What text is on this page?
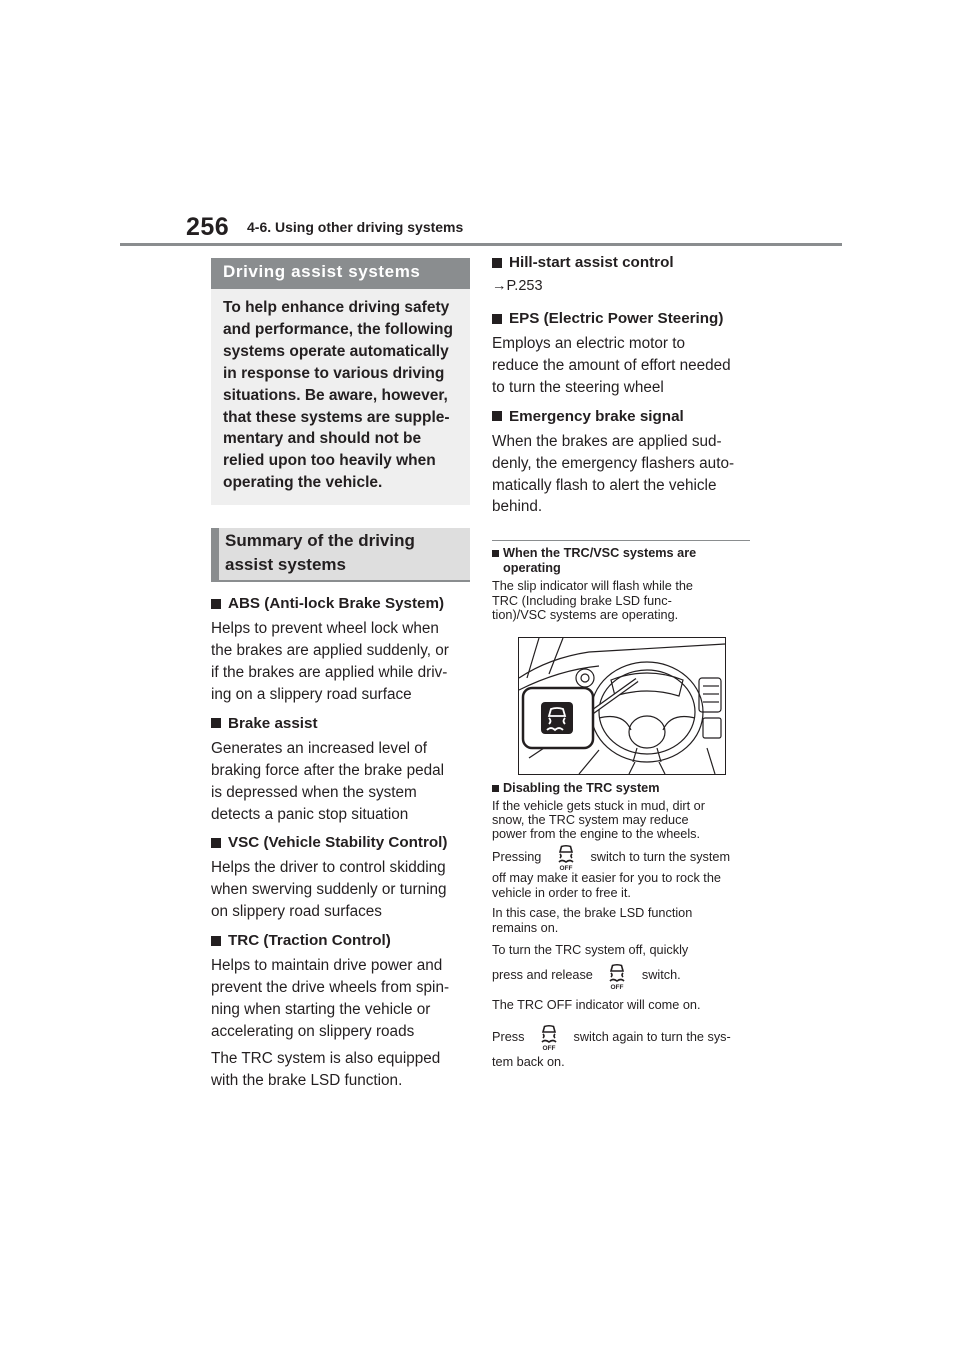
256 4-6. Using other driving systems
Driving assist systems

To help enhance driving safety

and performance, the following

systems operate automatically

in response to various driving

situations. Be aware, however,

that these systems are supple-

mentary and should not be

relied upon too heavily when

operating the vehicle.

Summary of the driving
assist systems
ABS (Anti-lock Brake System)

Helps to prevent wheel lock when

the brakes are applied suddenly, or

if the brakes are applied while driv-

ing on a slippery road surface

Brake assist

Generates an increased level of

braking force after the brake pedal

is depressed when the system

detects a panic stop situation

VSC (Vehicle Stability Control)

Helps the driver to control skidding

when swerving suddenly or turning

on slippery road surfaces

TRC (Traction Control)

Helps to maintain drive power and

prevent the drive wheels from spin-

ning when starting the vehicle or

accelerating on slippery roads

The TRC system is also equipped

with the brake LSD function.

Hill-start assist control

→P.253

EPS (Electric Power Steering)

Employs an electric motor to

reduce the amount of effort needed

to turn the steering wheel

Emergency brake signal

When the brakes are applied sud-

denly, the emergency flashers auto-

matically flash to alert the vehicle

behind.

When the TRC/VSC systems are
operating

The slip indicator will flash while the

TRC (Including brake LSD func-

tion)/VSC systems are operating.

Disabling the TRC system

If the vehicle gets stuck in mud, dirt or

snow, the TRC system may reduce

power from the engine to the wheels.

Pressing
OFF
switch to turn the system

off may make it easier for you to rock the

vehicle in order to free it.

In this case, the brake LSD function

remains on.

To turn the TRC system off, quickly

press and release
OFF
switch.

The TRC OFF indicator will come on.

Press
OFF
switch again to turn the sys-

tem back on.
